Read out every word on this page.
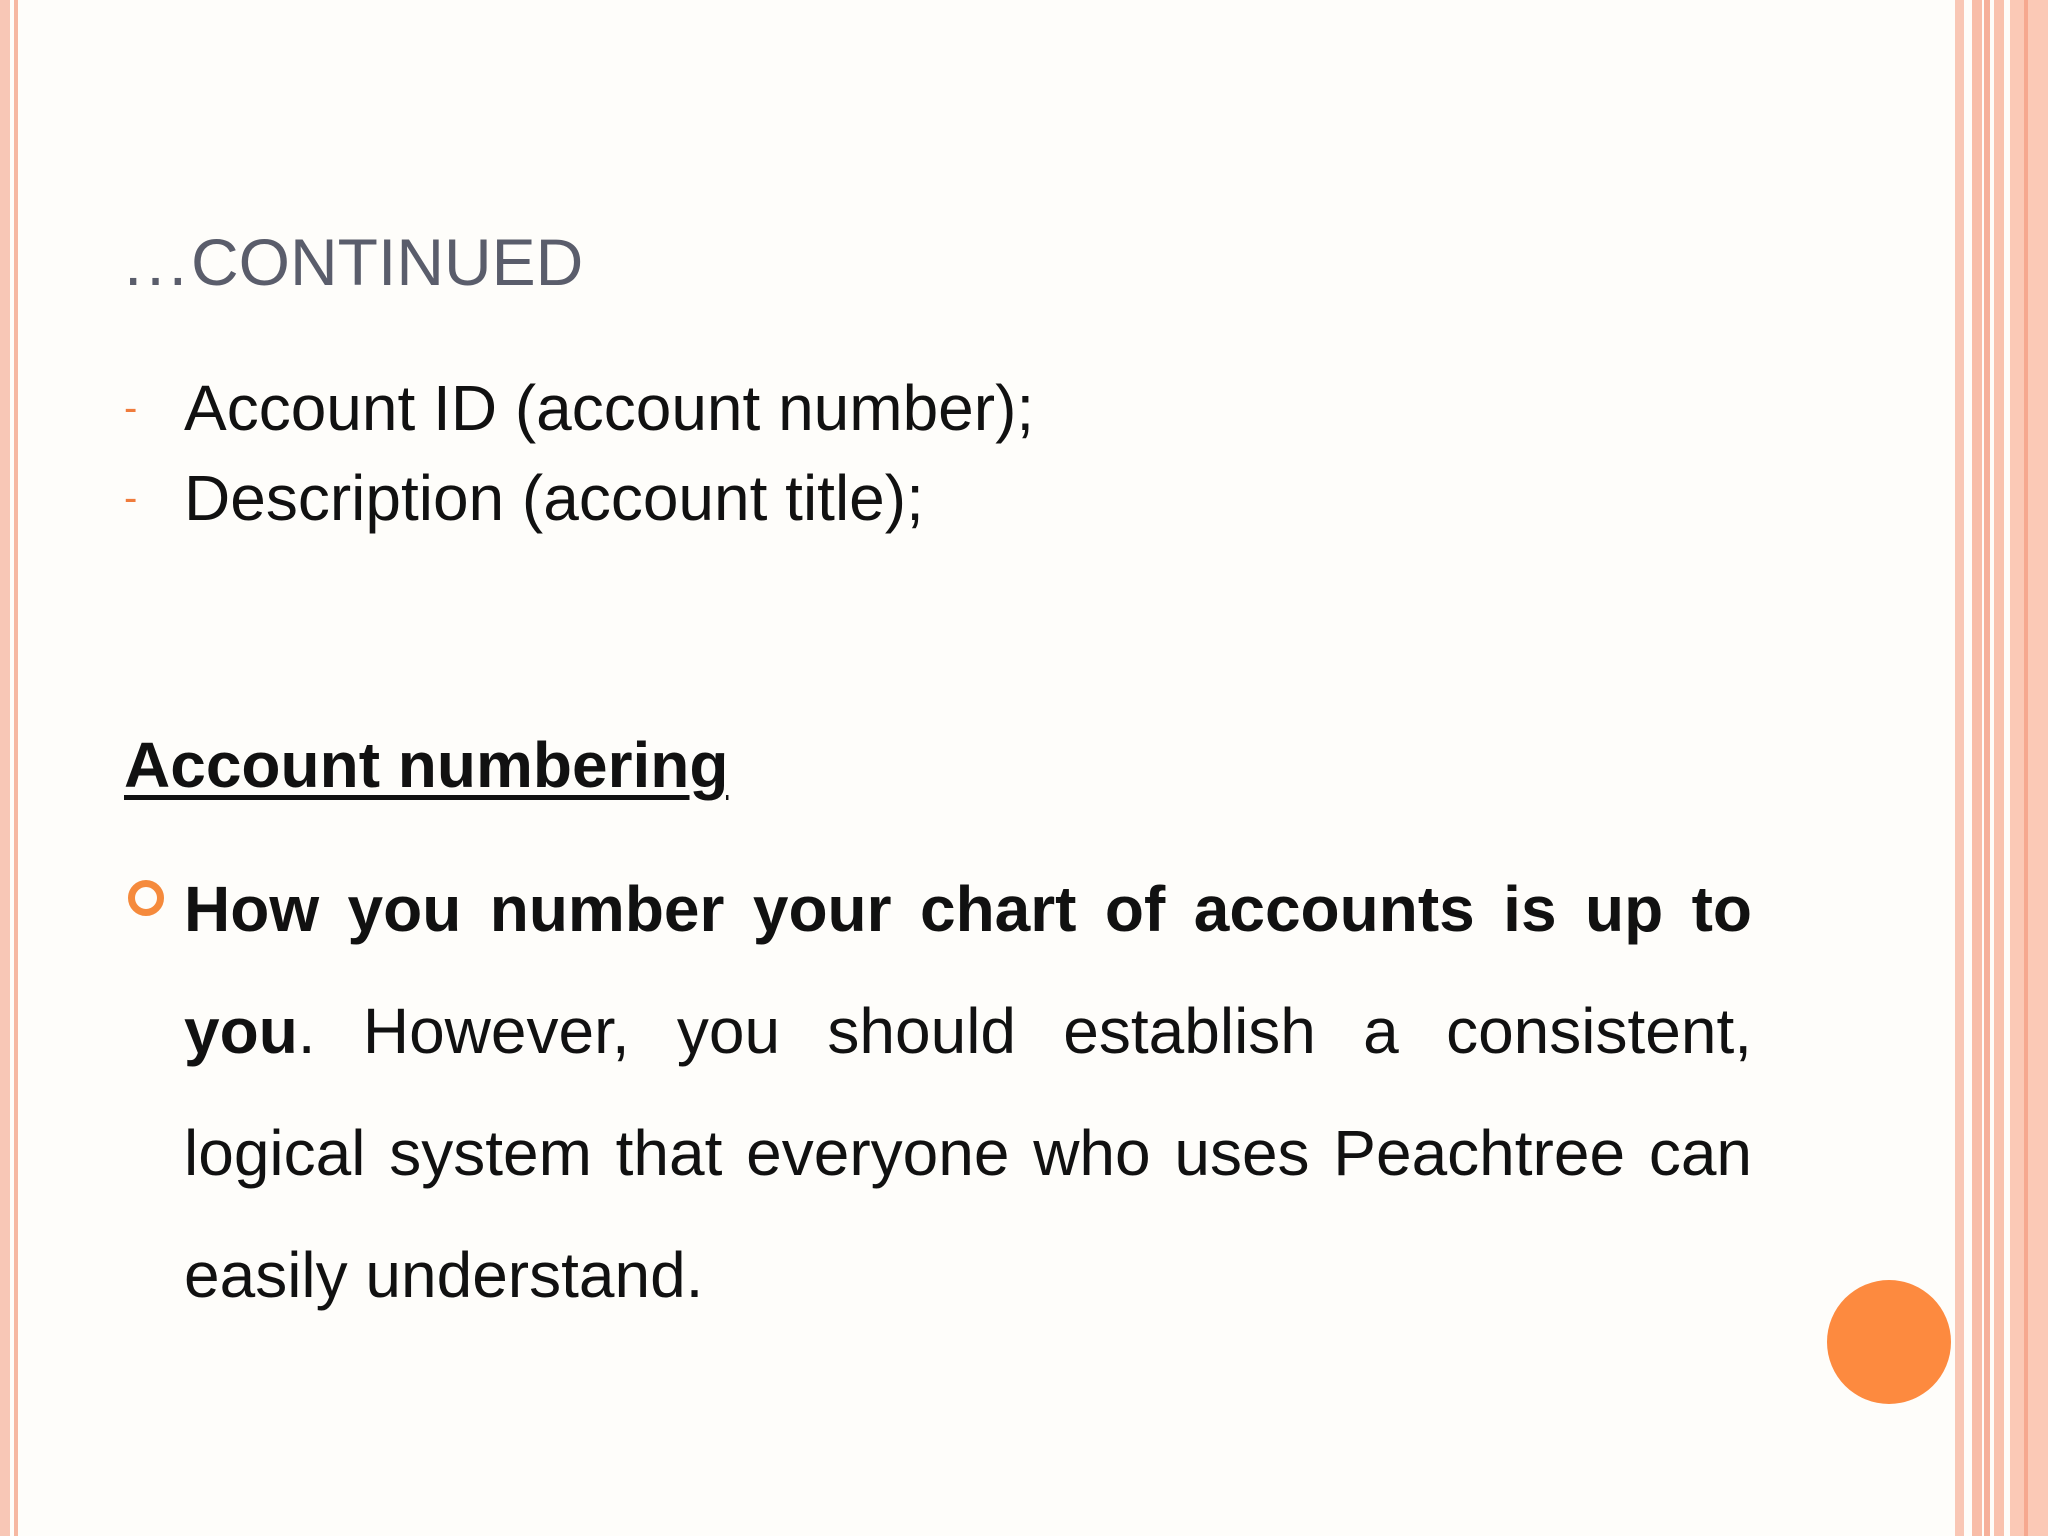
...CONTINUED
- Account ID (account number);
- Description (account title);
Account numbering
How you number your chart of accounts is up to you. However, you should establish a consistent, logical system that everyone who uses Peachtree can easily understand.
